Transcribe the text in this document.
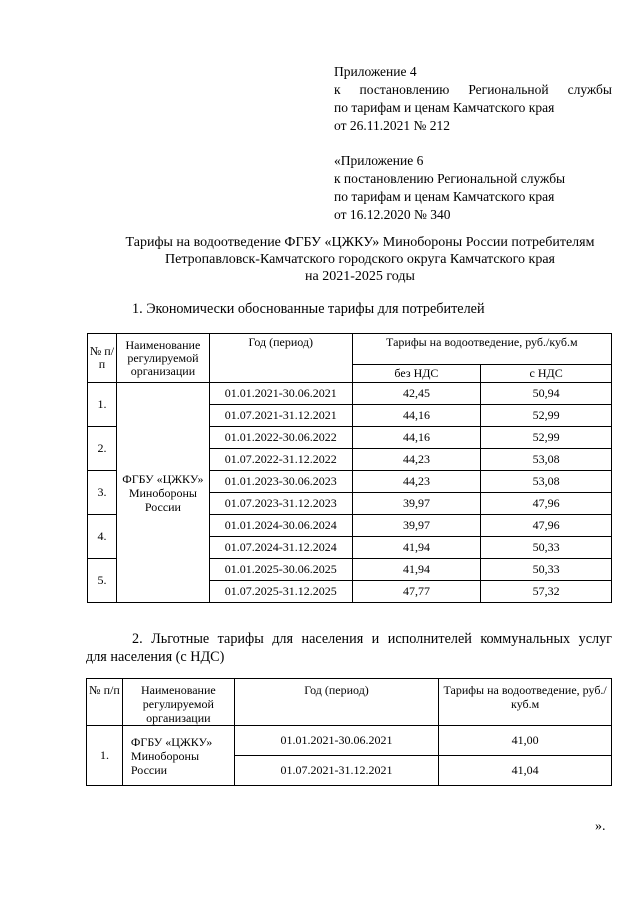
Приложение 4
к постановлению Региональной службы
по тарифам и ценам Камчатского края
от 26.11.2021 № 212
«Приложение 6
к постановлению Региональной службы
по тарифам и ценам Камчатского края
от 16.12.2020 № 340
Тарифы на водоотведение ФГБУ «ЦЖКУ» Минобороны России потребителям
Петропавловск-Камчатского городского округа Камчатского края
на 2021-2025 годы
1. Экономически обоснованные тарифы для потребителей
№ п/п	Наименование регулируемой организации	Год (период)	Тарифы на водоотведение, руб./куб.м	
			без НДС	с НДС
1.	ФГБУ «ЦЖКУ» Минобороны России	01.01.2021-30.06.2021	42,45	50,94
		01.07.2021-31.12.2021	44,16	52,99
2.		01.01.2022-30.06.2022	44,16	52,99
		01.07.2022-31.12.2022	44,23	53,08
3.		01.01.2023-30.06.2023	44,23	53,08
		01.07.2023-31.12.2023	39,97	47,96
4.		01.01.2024-30.06.2024	39,97	47,96
		01.07.2024-31.12.2024	41,94	50,33
5.		01.01.2025-30.06.2025	41,94	50,33
		01.07.2025-31.12.2025	47,77	57,32
2. Льготные тарифы для населения и исполнителей коммунальных услуг
для населения (с НДС)
№ п/п	Наименование регулируемой организации	Год (период)	Тарифы на водоотведение, руб./куб.м
1.	ФГБУ «ЦЖКУ» Минобороны России	01.01.2021-30.06.2021	41,00
		01.07.2021-31.12.2021	41,04
».
